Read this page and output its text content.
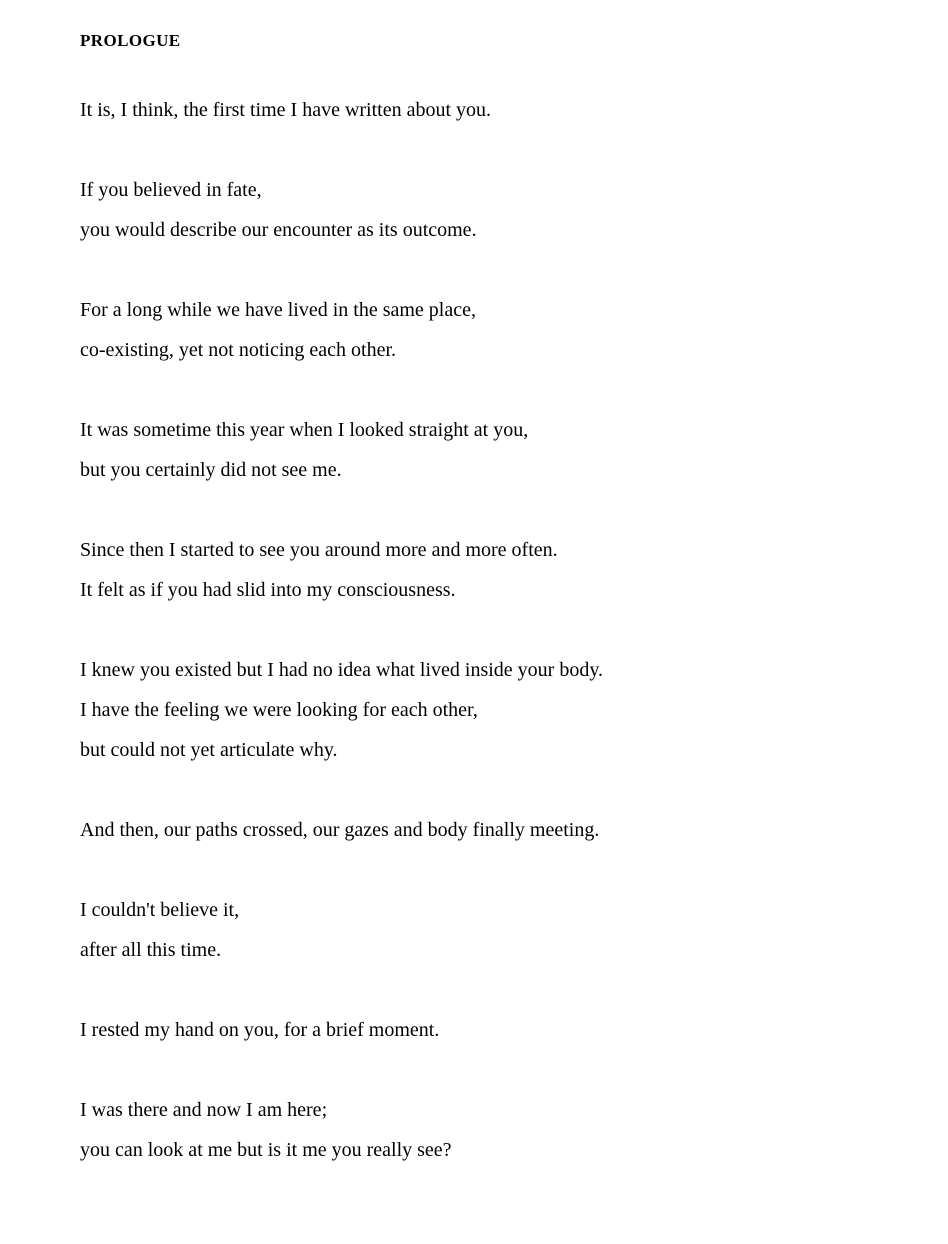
PROLOGUE

It is, I think, the first time I have written about you.

If you believed in fate,

you would describe our encounter as its outcome.

For a long while we have lived in the same place,

co-existing, yet not noticing each other.

It was sometime this year when I looked straight at you,

but you certainly did not see me.

Since then I started to see you around more and more often.

It felt as if you had slid into my consciousness.

I knew you existed but I had no idea what lived inside your body.

I have the feeling we were looking for each other,

but could not yet articulate why.

And then, our paths crossed, our gazes and body finally meeting.

I couldn't believe it,

after all this time.

I rested my hand on you, for a brief moment.

I was there and now I am here;

you can look at me but is it me you really see?
